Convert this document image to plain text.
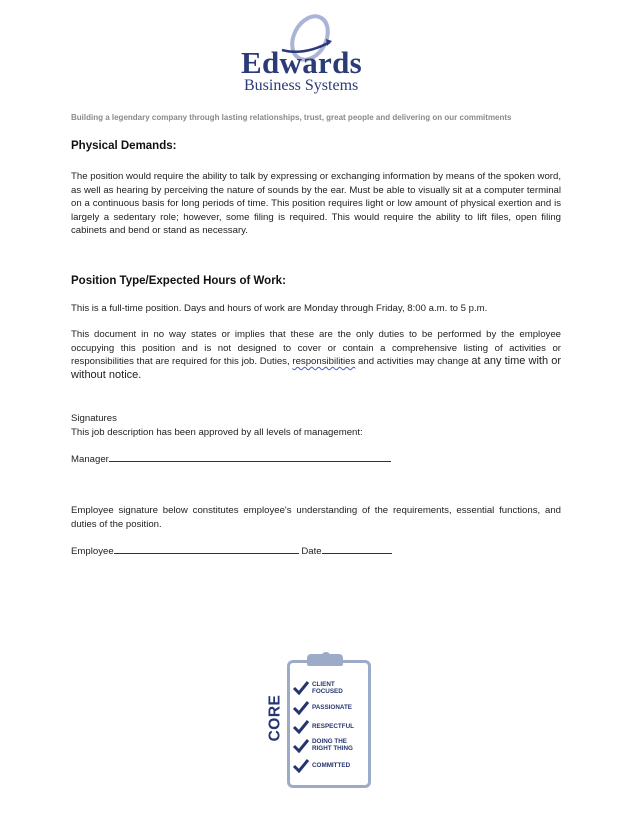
Edwards
Business Systems
Building a legendary company through lasting relationships, trust, great people and delivering on our commitments
Physical Demands:
The position would require the ability to talk by expressing or exchanging information by means of the spoken word, as well as hearing by perceiving the nature of sounds by the ear. Must be able to visually sit at a computer terminal on a continuous basis for long periods of time. This position requires light or low amount of physical exertion and is largely a sedentary role; however, some filing is required. This would require the ability to lift files, open filing cabinets and bend or stand as necessary.
Position Type/Expected Hours of Work:
This is a full-time position. Days and hours of work are Monday through Friday, 8:00 a.m. to 5 p.m.
This document in no way states or implies that these are the only duties to be performed by the employee occupying this position and is not designed to cover or contain a comprehensive listing of activities or responsibilities that are required for this job. Duties, responsibilities and activities may change at any time with or without notice.
Signatures
This job description has been approved by all levels of management:
Manager
Employee signature below constitutes employee's understanding of the requirements, essential functions, and duties of the position.
Employee	Date
CORE
CLIENT FOCUSED
PASSIONATE
RESPECTFUL
DOING THE RIGHT THING
COMMITTED
